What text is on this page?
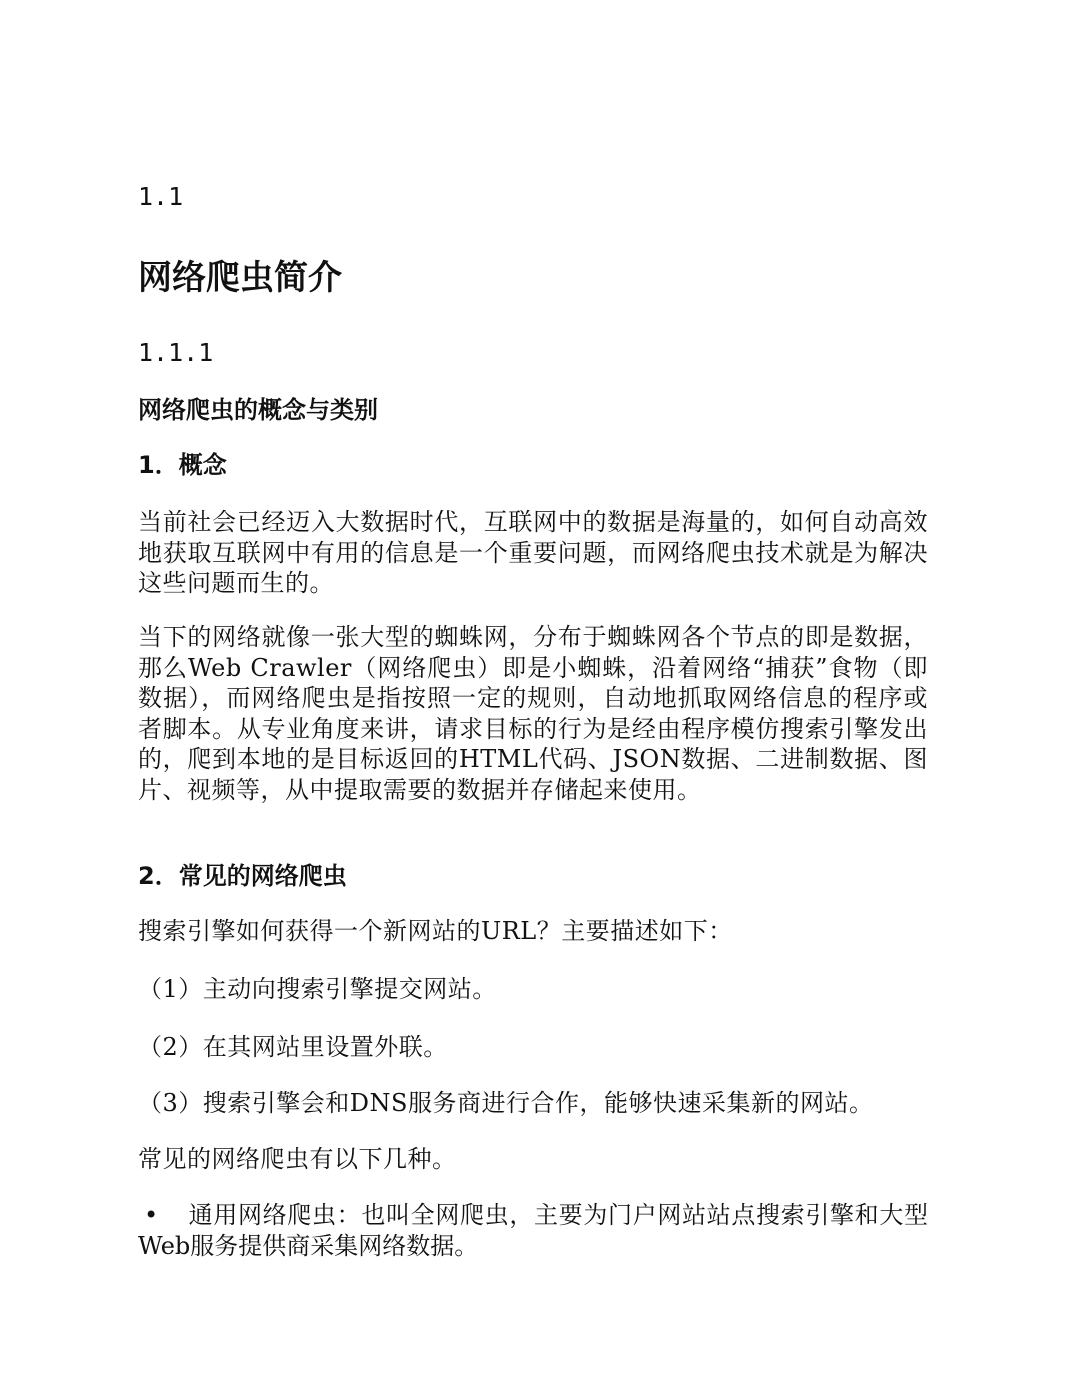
1.1
网络爬虫简介
1.1.1
网络爬虫的概念与类别
1．概念

当前社会已经迈入大数据时代，互联网中的数据是海量的，如何自动高效地获取互联网中有用的信息是一个重要问题，而网络爬虫技术就是为解决这些问题而生的。

当下的网络就像一张大型的蜘蛛网，分布于蜘蛛网各个节点的即是数据，那么Web Crawler（网络爬虫）即是小蜘蛛，沿着网络“捕获”食物（即数据），而网络爬虫是指按照一定的规则，自动地抓取网络信息的程序或者脚本。从专业角度来讲，请求目标的行为是经由程序模仿搜索引擎发出的，爬到本地的是目标返回的HTML代码、JSON数据、二进制数据、图片、视频等，从中提取需要的数据并存储起来使用。

2．常见的网络爬虫

搜索引擎如何获得一个新网站的URL？主要描述如下：

（1）主动向搜索引擎提交网站。

（2）在其网站里设置外联。

（3）搜索引擎会和DNS服务商进行合作，能够快速采集新的网站。

常见的网络爬虫有以下几种。

• 通用网络爬虫：也叫全网爬虫，主要为门户网站站点搜索引擎和大型Web服务提供商采集网络数据。
